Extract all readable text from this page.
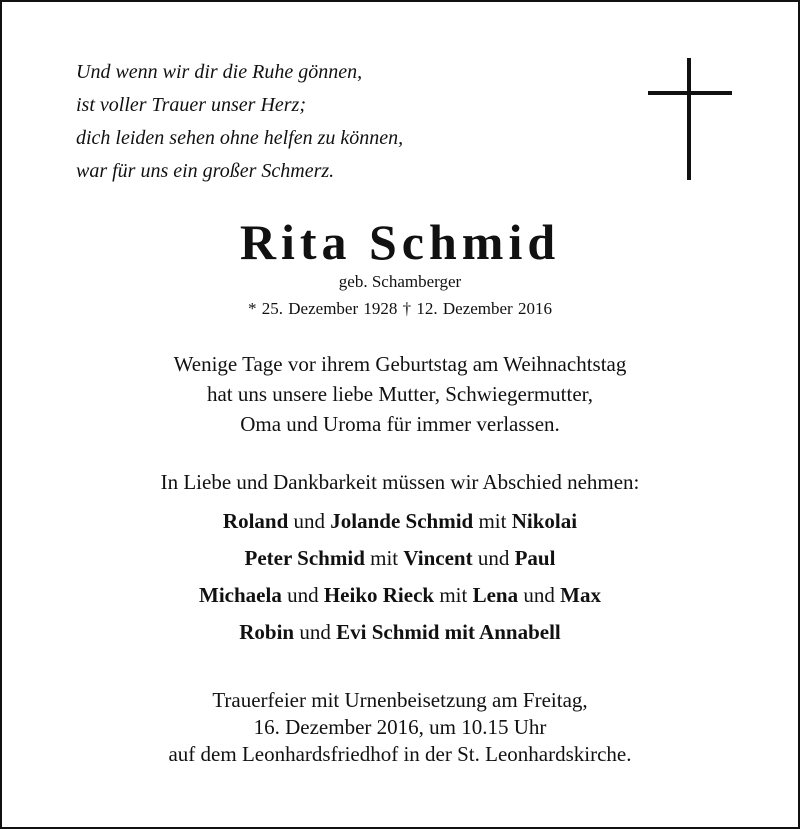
Und wenn wir dir die Ruhe gönnen,
ist voller Trauer unser Herz;
dich leiden sehen ohne helfen zu können,
war für uns ein großer Schmerz.
Rita Schmid
geb. Schamberger
* 25. Dezember 1928 † 12. Dezember 2016
Wenige Tage vor ihrem Geburtstag am Weihnachtstag
hat uns unsere liebe Mutter, Schwiegermutter,
Oma und Uroma für immer verlassen.
In Liebe und Dankbarkeit müssen wir Abschied nehmen:
Roland und Jolande Schmid mit Nikolai
Peter Schmid mit Vincent und Paul
Michaela und Heiko Rieck mit Lena und Max
Robin und Evi Schmid mit Annabell
Trauerfeier mit Urnenbeisetzung am Freitag,
16. Dezember 2016, um 10.15 Uhr
auf dem Leonhardsfriedhof in der St. Leonhardskirche.
